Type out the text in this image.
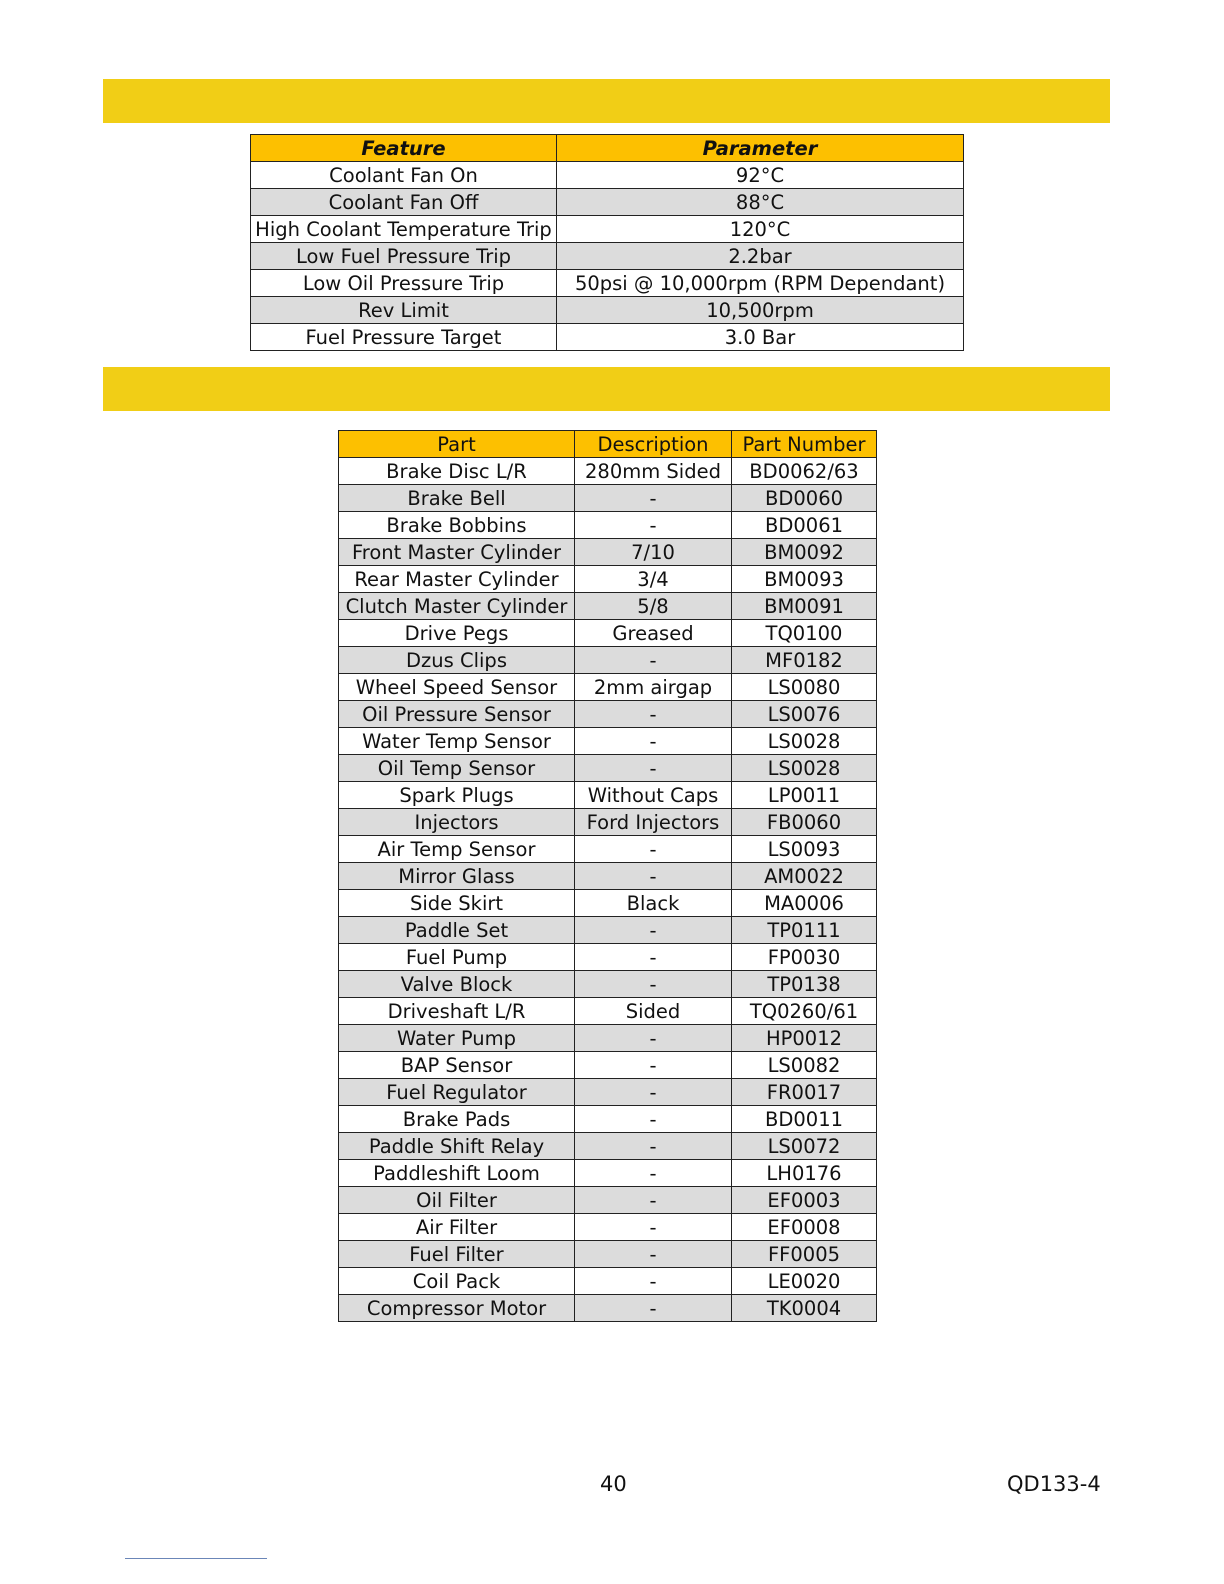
Feature	Parameter
Coolant Fan On	92°C
Coolant Fan Off	88°C
High Coolant Temperature Trip	120°C
Low Fuel Pressure Trip	2.2bar
Low Oil Pressure Trip	50psi @ 10,000rpm (RPM Dependant)
Rev Limit	10,500rpm
Fuel Pressure Target	3.0 Bar
Part	Description	Part Number
Brake Disc L/R	280mm Sided	BD0062/63
Brake Bell	-	BD0060
Brake Bobbins	-	BD0061
Front Master Cylinder	7/10	BM0092
Rear Master Cylinder	3/4	BM0093
Clutch Master Cylinder	5/8	BM0091
Drive Pegs	Greased	TQ0100
Dzus Clips	-	MF0182
Wheel Speed Sensor	2mm airgap	LS0080
Oil Pressure Sensor	-	LS0076
Water Temp Sensor	-	LS0028
Oil Temp Sensor	-	LS0028
Spark Plugs	Without Caps	LP0011
Injectors	Ford Injectors	FB0060
Air Temp Sensor	-	LS0093
Mirror Glass	-	AM0022
Side Skirt	Black	MA0006
Paddle Set	-	TP0111
Fuel Pump	-	FP0030
Valve Block	-	TP0138
Driveshaft L/R	Sided	TQ0260/61
Water Pump	-	HP0012
BAP Sensor	-	LS0082
Fuel Regulator	-	FR0017
Brake Pads	-	BD0011
Paddle Shift Relay	-	LS0072
Paddleshift Loom	-	LH0176
Oil Filter	-	EF0003
Air Filter	-	EF0008
Fuel Filter	-	FF0005
Coil Pack	-	LE0020
Compressor Motor	-	TK0004
40	QD133-4
